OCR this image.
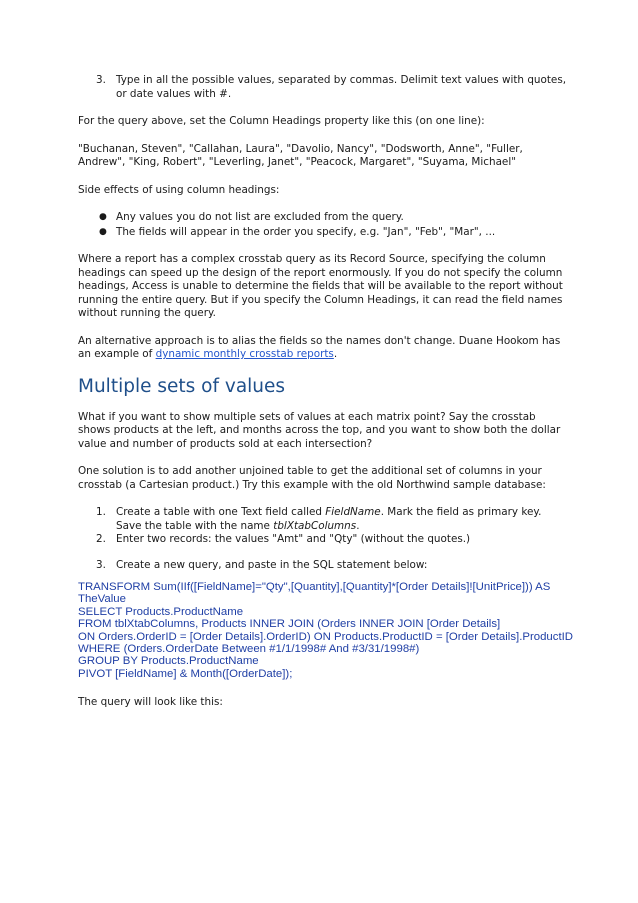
3. Type in all the possible values, separated by commas. Delimit text values with quotes, or date values with #.

For the query above, set the Column Headings property like this (on one line):

"Buchanan, Steven", "Callahan, Laura", "Davolio, Nancy", "Dodsworth, Anne", "Fuller, Andrew", "King, Robert", "Leverling, Janet", "Peacock, Margaret", "Suyama, Michael"

Side effects of using column headings:

● Any values you do not list are excluded from the query.
● The fields will appear in the order you specify, e.g. "Jan", "Feb", "Mar", ...

Where a report has a complex crosstab query as its Record Source, specifying the column headings can speed up the design of the report enormously. If you do not specify the column headings, Access is unable to determine the fields that will be available to the report without running the entire query. But if you specify the Column Headings, it can read the field names without running the query.

An alternative approach is to alias the fields so the names don't change. Duane Hookom has an example of dynamic monthly crosstab reports.

Multiple sets of values

What if you want to show multiple sets of values at each matrix point? Say the crosstab shows products at the left, and months across the top, and you want to show both the dollar value and number of products sold at each intersection?

One solution is to add another unjoined table to get the additional set of columns in your crosstab (a Cartesian product.) Try this example with the old Northwind sample database:

1. Create a table with one Text field called FieldName. Mark the field as primary key. Save the table with the name tblXtabColumns.
2. Enter two records: the values "Amt" and "Qty" (without the quotes.)
3. Create a new query, and paste in the SQL statement below:
TRANSFORM Sum(IIf([FieldName]="Qty",[Quantity],[Quantity]*[Order Details]![UnitPrice])) AS
TheValue
SELECT Products.ProductName
FROM tblXtabColumns, Products INNER JOIN (Orders INNER JOIN [Order Details]
ON Orders.OrderID = [Order Details].OrderID) ON Products.ProductID = [Order Details].ProductID
WHERE (Orders.OrderDate Between #1/1/1998# And #3/31/1998#)
GROUP BY Products.ProductName
PIVOT [FieldName] & Month([OrderDate]);

The query will look like this:
